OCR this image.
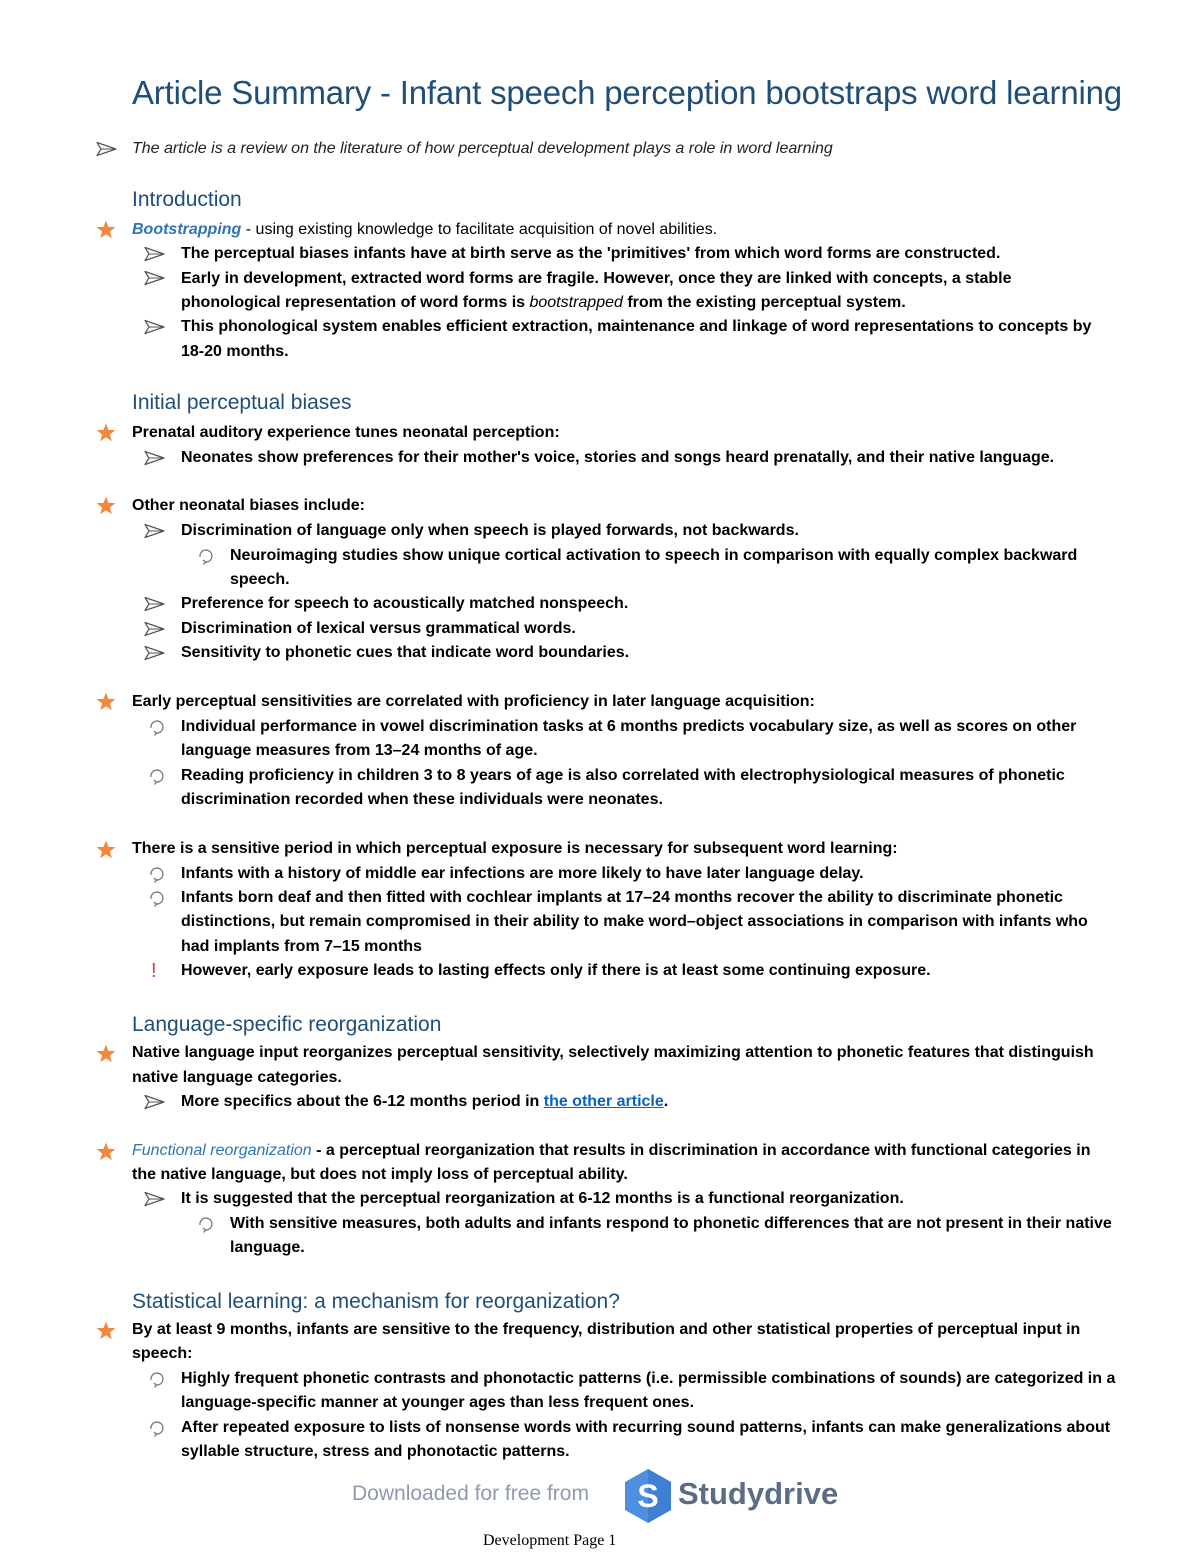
Article Summary - Infant speech perception bootstraps word learning
The article is a review on the literature of how perceptual development plays a role in word learning
Introduction
Bootstrapping - using existing knowledge to facilitate acquisition of novel abilities.
The perceptual biases infants have at birth serve as the 'primitives' from which word forms are constructed.
Early in development, extracted word forms are fragile. However, once they are linked with concepts, a stable
phonological representation of word forms is bootstrapped from the existing perceptual system.
This phonological system enables efficient extraction, maintenance and linkage of word representations to concepts by
18-20 months.
Initial perceptual biases
Prenatal auditory experience tunes neonatal perception:
Neonates show preferences for their mother's voice, stories and songs heard prenatally, and their native language.
Other neonatal biases include:
Discrimination of language only when speech is played forwards, not backwards.
Neuroimaging studies show unique cortical activation to speech in comparison with equally complex backward
speech.
Preference for speech to acoustically matched nonspeech.
Discrimination of lexical versus grammatical words.
Sensitivity to phonetic cues that indicate word boundaries.
Early perceptual sensitivities are correlated with proficiency in later language acquisition:
Individual performance in vowel discrimination tasks at 6 months predicts vocabulary size, as well as scores on other
language measures from 13–24 months of age.
Reading proficiency in children 3 to 8 years of age is also correlated with electrophysiological measures of phonetic
discrimination recorded when these individuals were neonates.
There is a sensitive period in which perceptual exposure is necessary for subsequent word learning:
Infants with a history of middle ear infections are more likely to have later language delay.
Infants born deaf and then fitted with cochlear implants at 17–24 months recover the ability to discriminate phonetic
distinctions, but remain compromised in their ability to make word–object associations in comparison with infants who
had implants from 7–15 months
!	However, early exposure leads to lasting effects only if there is at least some continuing exposure.
Language-specific reorganization
Native language input reorganizes perceptual sensitivity, selectively maximizing attention to phonetic features that distinguish
native language categories.
More specifics about the 6-12 months period in the other article.
Functional reorganization - a perceptual reorganization that results in discrimination in accordance with functional categories in
the native language, but does not imply loss of perceptual ability.
It is suggested that the perceptual reorganization at 6-12 months is a functional reorganization.
With sensitive measures, both adults and infants respond to phonetic differences that are not present in their native
language.
Statistical learning: a mechanism for reorganization?
By at least 9 months, infants are sensitive to the frequency, distribution and other statistical properties of perceptual input in
speech:
Highly frequent phonetic contrasts and phonotactic patterns (i.e. permissible combinations of sounds) are categorized in a
language-specific manner at younger ages than less frequent ones.
After repeated exposure to lists of nonsense words with recurring sound patterns, infants can make generalizations about
syllable structure, stress and phonotactic patterns.
Downloaded for free from S Studydrive
Development Page 1
